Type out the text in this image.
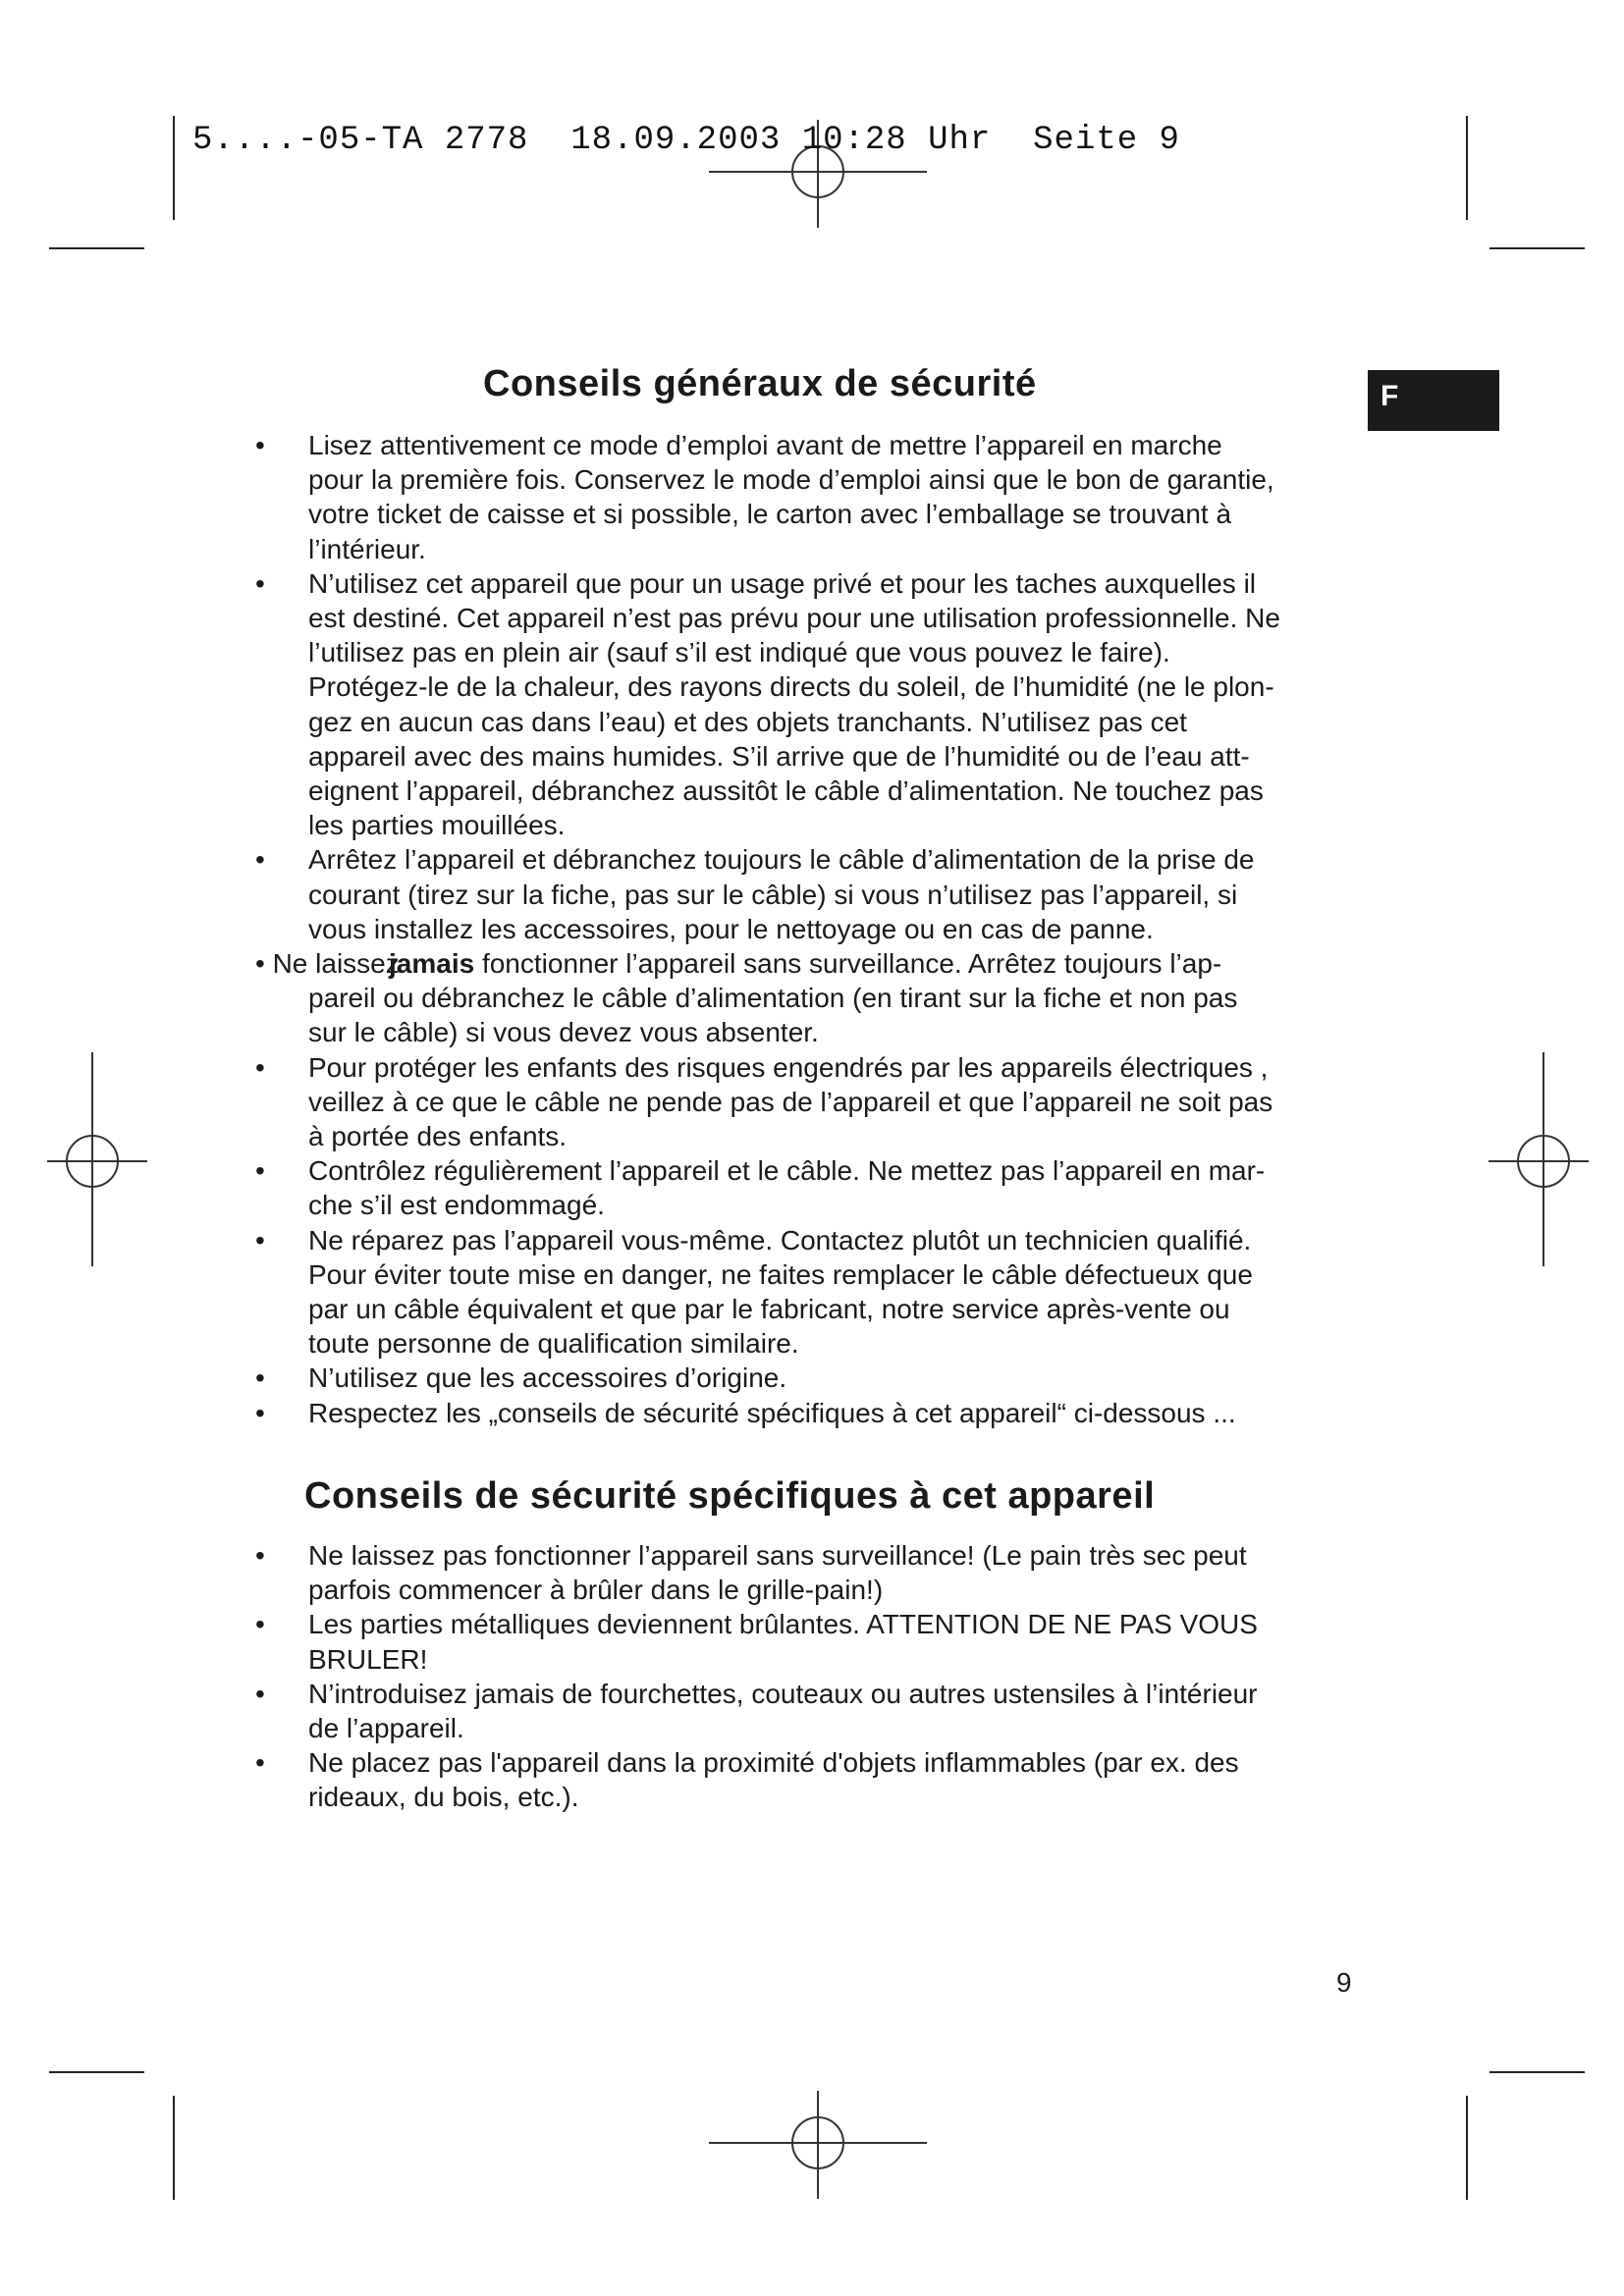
5....-05-TA 2778  18.09.2003 10:28 Uhr  Seite 9
F
Conseils généraux de sécurité
• Lisez attentivement ce mode d’emploi avant de mettre l’appareil en marche
pour la première fois. Conservez le mode d’emploi ainsi que le bon de garantie,
votre ticket de caisse et si possible, le carton avec l’emballage se trouvant à
l’intérieur.
• N’utilisez cet appareil que pour un usage privé et pour les taches auxquelles il
est destiné. Cet appareil n’est pas prévu pour une utilisation professionnelle. Ne
l’utilisez pas en plein air (sauf s’il est indiqué que vous pouvez le faire).
Protégez-le de la chaleur, des rayons directs du soleil, de l’humidité (ne le plon-
gez en aucun cas dans l’eau) et des objets tranchants. N’utilisez pas cet
appareil avec des mains humides. S’il arrive que de l’humidité ou de l’eau att-
eignent l’appareil, débranchez aussitôt le câble d’alimentation. Ne touchez pas
les parties mouillées.
• Arrêtez l’appareil et débranchez toujours le câble d’alimentation de la prise de
courant (tirez sur la fiche, pas sur le câble) si vous n’utilisez pas l’appareil, si
vous installez les accessoires, pour le nettoyage ou en cas de panne.
• Ne laissez
jamais fonctionner l’appareil sans surveillance. Arrêtez toujours l’ap-
pareil ou débranchez le câble d’alimentation (en tirant sur la fiche et non pas
sur le câble) si vous devez vous absenter.
• Pour protéger les enfants des risques engendrés par les appareils électriques ,
veillez à ce que le câble ne pende pas de l’appareil et que l’appareil ne soit pas
à portée des enfants.
• Contrôlez régulièrement l’appareil et le câble. Ne mettez pas l’appareil en mar-
che s’il est endommagé.
• Ne réparez pas l’appareil vous-même. Contactez plutôt un technicien qualifié.
Pour éviter toute mise en danger, ne faites remplacer le câble défectueux que
par un câble équivalent et que par le fabricant, notre service après-vente ou
toute personne de qualification similaire.
• N’utilisez que les accessoires d’origine.
• Respectez les „conseils de sécurité spécifiques à cet appareil“ ci-dessous ...
Conseils de sécurité spécifiques à cet appareil
• Ne laissez pas fonctionner l’appareil sans surveillance! (Le pain très sec peut
parfois commencer à brûler dans le grille-pain!)
• Les parties métalliques deviennent brûlantes. ATTENTION DE NE PAS VOUS
BRULER!
• N’introduisez jamais de fourchettes, couteaux ou autres ustensiles à l’intérieur
de l’appareil.
• Ne placez pas l'appareil dans la proximité d'objets inflammables (par ex. des
rideaux, du bois, etc.).
9
